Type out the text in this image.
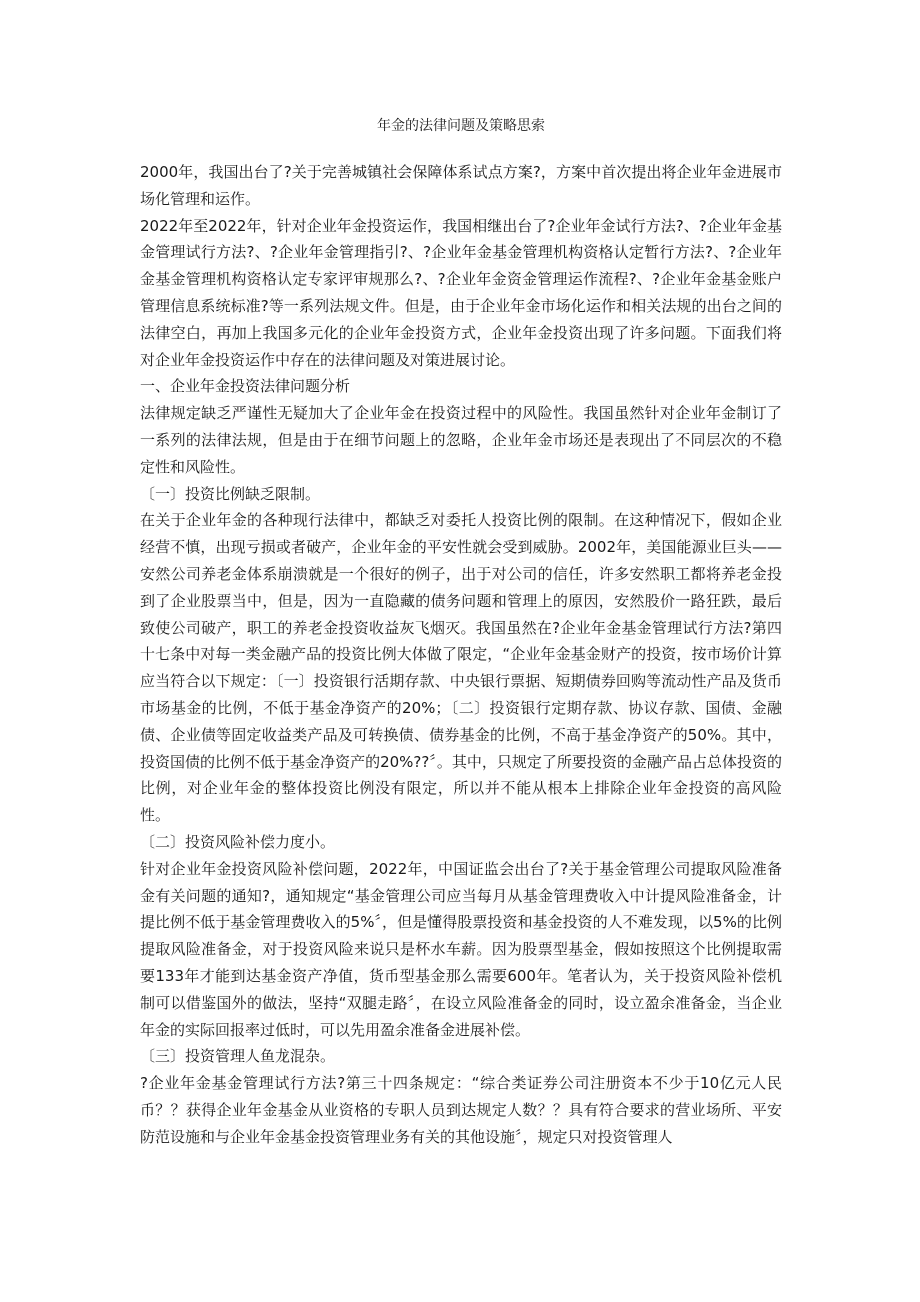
年金的法律问题及策略思索

2000年，我国出台了?关于完善城镇社会保障体系试点方案?，方案中首次提出将企业年金进展市场化管理和运作。

2022年至2022年，针对企业年金投资运作，我国相继出台了?企业年金试行方法?、?企业年金基金管理试行方法?、?企业年金管理指引?、?企业年金基金管理机构资格认定暂行方法?、?企业年金基金管理机构资格认定专家评审规那么?、?企业年金资金管理运作流程?、?企业年金基金账户管理信息系统标准?等一系列法规文件。但是，由于企业年金市场化运作和相关法规的出台之间的法律空白，再加上我国多元化的企业年金投资方式，企业年金投资出现了许多问题。下面我们将对企业年金投资运作中存在的法律问题及对策进展讨论。

一、企业年金投资法律问题分析

法律规定缺乏严谨性无疑加大了企业年金在投资过程中的风险性。我国虽然针对企业年金制订了一系列的法律法规，但是由于在细节问题上的忽略，企业年金市场还是表现出了不同层次的不稳定性和风险性。

〔一〕投资比例缺乏限制。

在关于企业年金的各种现行法律中，都缺乏对委托人投资比例的限制。在这种情况下，假如企业经营不慎，出现亏损或者破产，企业年金的平安性就会受到威胁。2002年，美国能源业巨头——安然公司养老金体系崩溃就是一个很好的例子，出于对公司的信任，许多安然职工都将养老金投到了企业股票当中，但是，因为一直隐藏的债务问题和管理上的原因，安然股价一路狂跌，最后致使公司破产，职工的养老金投资收益灰飞烟灭。我国虽然在?企业年金基金管理试行方法?第四十七条中对每一类金融产品的投资比例大体做了限定，“企业年金基金财产的投资，按市场价计算应当符合以下规定：〔一〕投资银行活期存款、中央银行票据、短期债券回购等流动性产品及货币市场基金的比例，不低于基金净资产的20%；〔二〕投资银行定期存款、协议存款、国债、金融债、企业债等固定收益类产品及可转换债、债券基金的比例，不高于基金净资产的50%。其中，投资国债的比例不低于基金净资产的20%??〞。其中，只规定了所要投资的金融产品占总体投资的比例，对企业年金的整体投资比例没有限定，所以并不能从根本上排除企业年金投资的高风险性。

〔二〕投资风险补偿力度小。

针对企业年金投资风险补偿问题，2022年，中国证监会出台了?关于基金管理公司提取风险准备金有关问题的通知?，通知规定“基金管理公司应当每月从基金管理费收入中计提风险准备金，计提比例不低于基金管理费收入的5%〞，但是懂得股票投资和基金投资的人不难发现，以5%的比例提取风险准备金，对于投资风险来说只是杯水车薪。因为股票型基金，假如按照这个比例提取需要133年才能到达基金资产净值，货币型基金那么需要600年。笔者认为，关于投资风险补偿机制可以借鉴国外的做法，坚持“双腿走路〞，在设立风险准备金的同时，设立盈余准备金，当企业年金的实际回报率过低时，可以先用盈余准备金进展补偿。

〔三〕投资管理人鱼龙混杂。

?企业年金基金管理试行方法?第三十四条规定：“综合类证券公司注册资本不少于10亿元人民币？？获得企业年金基金从业资格的专职人员到达规定人数？？具有符合要求的营业场所、平安防范设施和与企业年金基金投资管理业务有关的其他设施〞，规定只对投资管理人
